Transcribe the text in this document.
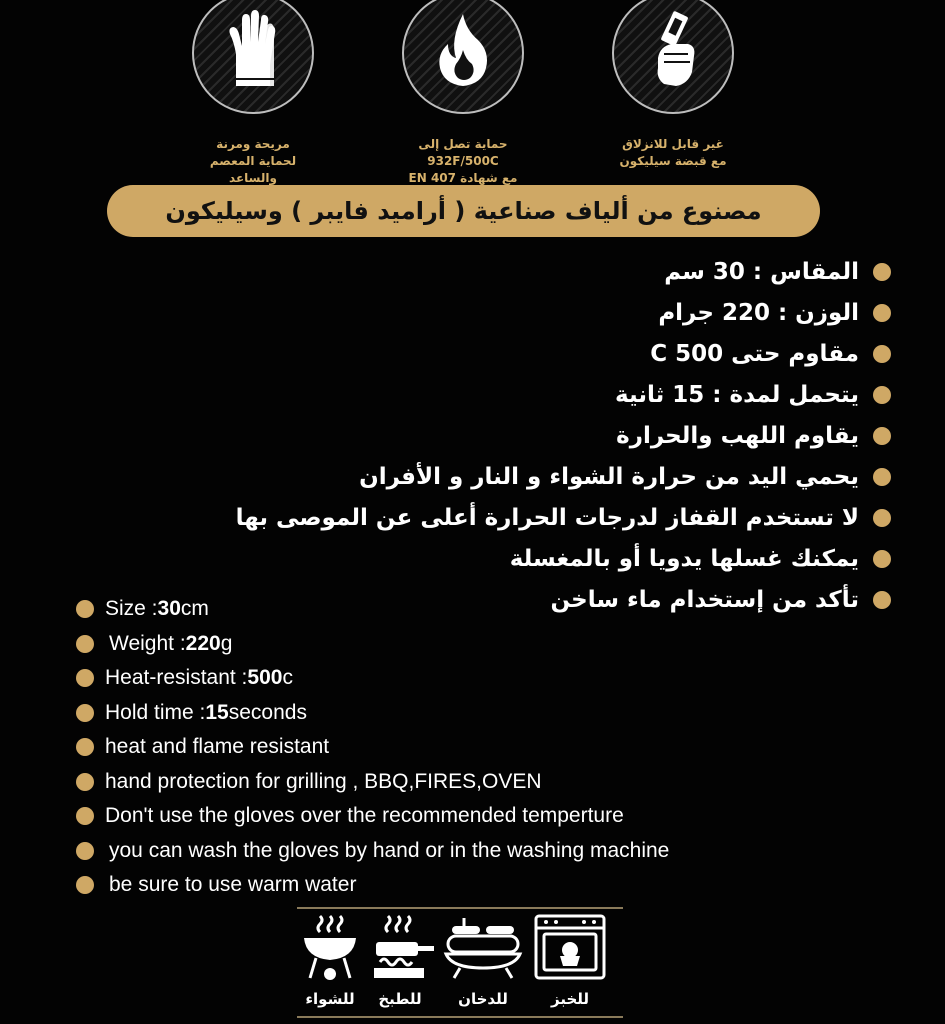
مريحة ومرنة
لحماية المعصم والساعد
حماية تصل إلى 932F/500C
مع شهادة EN 407
غير قابل للانزلاق
مع قبضة سيليكون
مصنوع من ألياف صناعية ( أراميد فايبر ) وسيليكون
المقاس : 30 سم
الوزن : 220 جرام
مقاوم حتى 500 C
يتحمل لمدة : 15 ثانية
يقاوم اللهب والحرارة
يحمي اليد من حرارة الشواء و النار و الأفران
لا تستخدم القفاز لدرجات الحرارة أعلى عن الموصى بها
يمكنك غسلها يدويا أو بالمغسلة
تأكد من إستخدام ماء ساخن
Size : 30 cm
Weight : 220 g
Heat-resistant : 500 c
Hold time : 15 seconds
heat and flame resistant
hand protection for grilling , BBQ,FIRES,OVEN
Don't use the gloves over the recommended temperture
you can wash the gloves by hand or in the washing machine
be sure to use warm water
للشواء	للطبخ	للدخان	للخبز
